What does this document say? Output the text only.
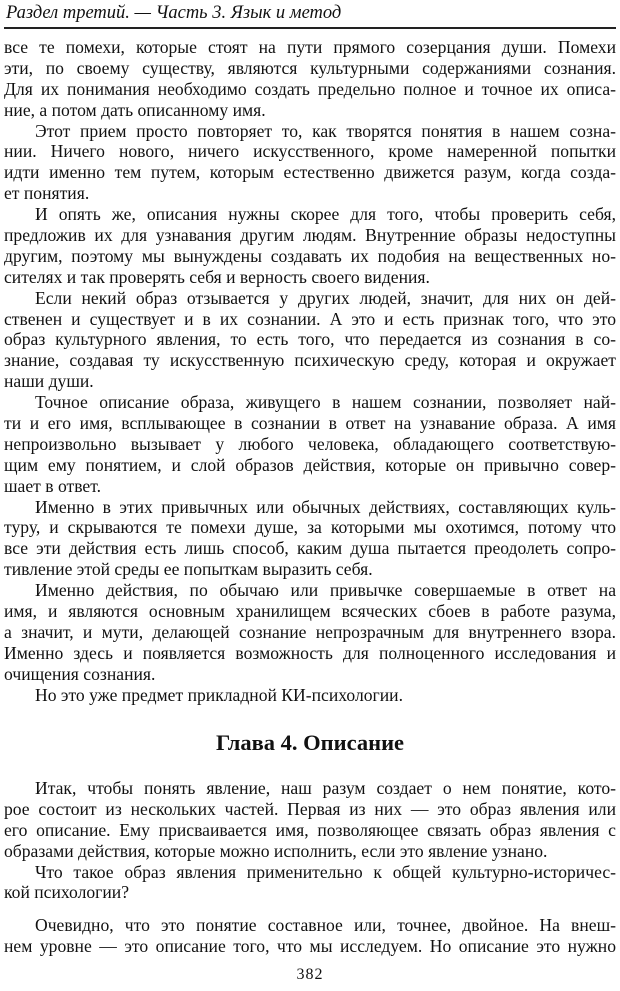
Раздел третий. — Часть 3. Язык и метод
все те помехи, которые стоят на пути прямого созерцания души. Помехи
эти, по своему существу, являются культурными содержаниями сознания.
Для их понимания необходимо создать предельно полное и точное их описа-
ние, а потом дать описанному имя.
Этот прием просто повторяет то, как творятся понятия в нашем созна-
нии. Ничего нового, ничего искусственного, кроме намеренной попытки
идти именно тем путем, которым естественно движется разум, когда созда-
ет понятия.
И опять же, описания нужны скорее для того, чтобы проверить себя,
предложив их для узнавания другим людям. Внутренние образы недоступны
другим, поэтому мы вынуждены создавать их подобия на вещественных но-
сителях и так проверять себя и верность своего видения.
Если некий образ отзывается у других людей, значит, для них он дей-
ственен и существует и в их сознании. А это и есть признак того, что это
образ культурного явления, то есть того, что передается из сознания в со-
знание, создавая ту искусственную психическую среду, которая и окружает
наши души.
Точное описание образа, живущего в нашем сознании, позволяет най-
ти и его имя, всплывающее в сознании в ответ на узнавание образа. А имя
непроизвольно вызывает у любого человека, обладающего соответствую-
щим ему понятием, и слой образов действия, которые он привычно совер-
шает в ответ.
Именно в этих привычных или обычных действиях, составляющих куль-
туру, и скрываются те помехи душе, за которыми мы охотимся, потому что
все эти действия есть лишь способ, каким душа пытается преодолеть сопро-
тивление этой среды ее попыткам выразить себя.
Именно действия, по обычаю или привычке совершаемые в ответ на
имя, и являются основным хранилищем всяческих сбоев в работе разума,
а значит, и мути, делающей сознание непрозрачным для внутреннего взора.
Именно здесь и появляется возможность для полноценного исследования и
очищения сознания.
Но это уже предмет прикладной КИ-психологии.
Глава 4. Описание
Итак, чтобы понять явление, наш разум создает о нем понятие, кото-
рое состоит из нескольких частей. Первая из них — это образ явления или
его описание. Ему присваивается имя, позволяющее связать образ явления с
образами действия, которые можно исполнить, если это явление узнано.
Что такое образ явления применительно к общей культурно-историчес-
кой психологии?
Очевидно, что это понятие составное или, точнее, двойное. На внеш-
нем уровне — это описание того, что мы исследуем. Но описание это нужно
382
